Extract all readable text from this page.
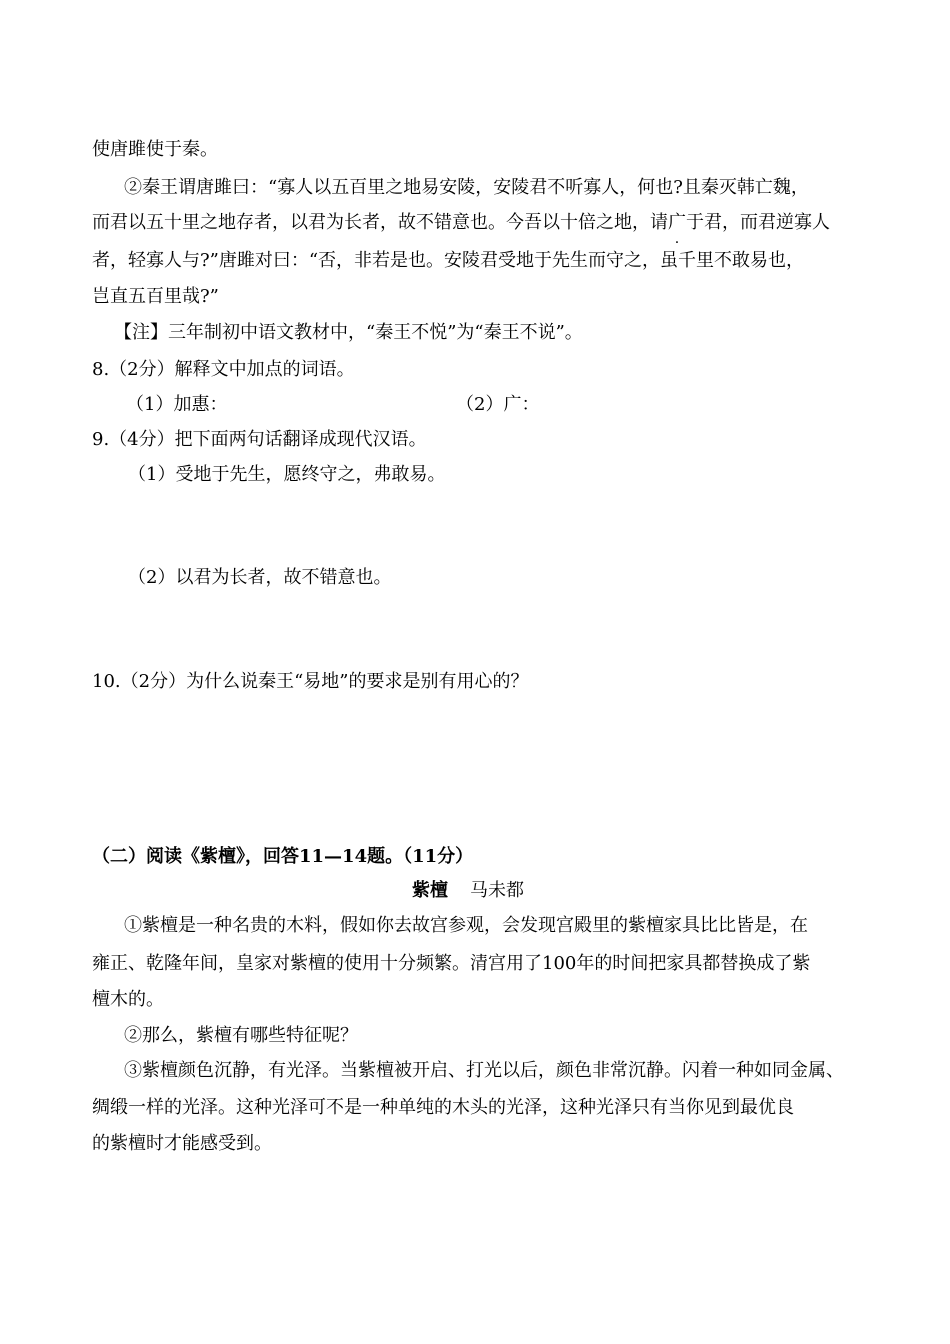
使唐雎使于秦。
②秦王谓唐雎曰：“寡人以五百里之地易安陵，安陵君不听寡人，何也?且秦灭韩亡魏，
而君以五十里之地存者，以君为长者，故不错意也。今吾以十倍之地，请广于君，而君逆寡人
者，轻寡人与?”唐雎对曰：“否，非若是也。安陵君受地于先生而守之，虽千里不敢易也，
岂直五百里哉?”
【注】三年制初中语文教材中，“秦王不悦”为“秦王不说”。
8.（2分）解释文中加点的词语。
（1）加惠：	（2）广：
9.（4分）把下面两句话翻译成现代汉语。
（1）受地于先生，愿终守之，弗敢易。
（2）以君为长者，故不错意也。
10.（2分）为什么说秦王“易地”的要求是别有用心的？
（二）阅读《紫檀》，回答11—14题。（11分）
紫檀 马未都
①紫檀是一种名贵的木料，假如你去故宫参观，会发现宫殿里的紫檀家具比比皆是，在
雍正、乾隆年间，皇家对紫檀的使用十分频繁。清宫用了100年的时间把家具都替换成了紫
檀木的。
②那么，紫檀有哪些特征呢？
③紫檀颜色沉静，有光泽。当紫檀被开启、打光以后，颜色非常沉静。闪着一种如同金属、
绸缎一样的光泽。这种光泽可不是一种单纯的木头的光泽，这种光泽只有当你见到最优良
的紫檀时才能感受到。
